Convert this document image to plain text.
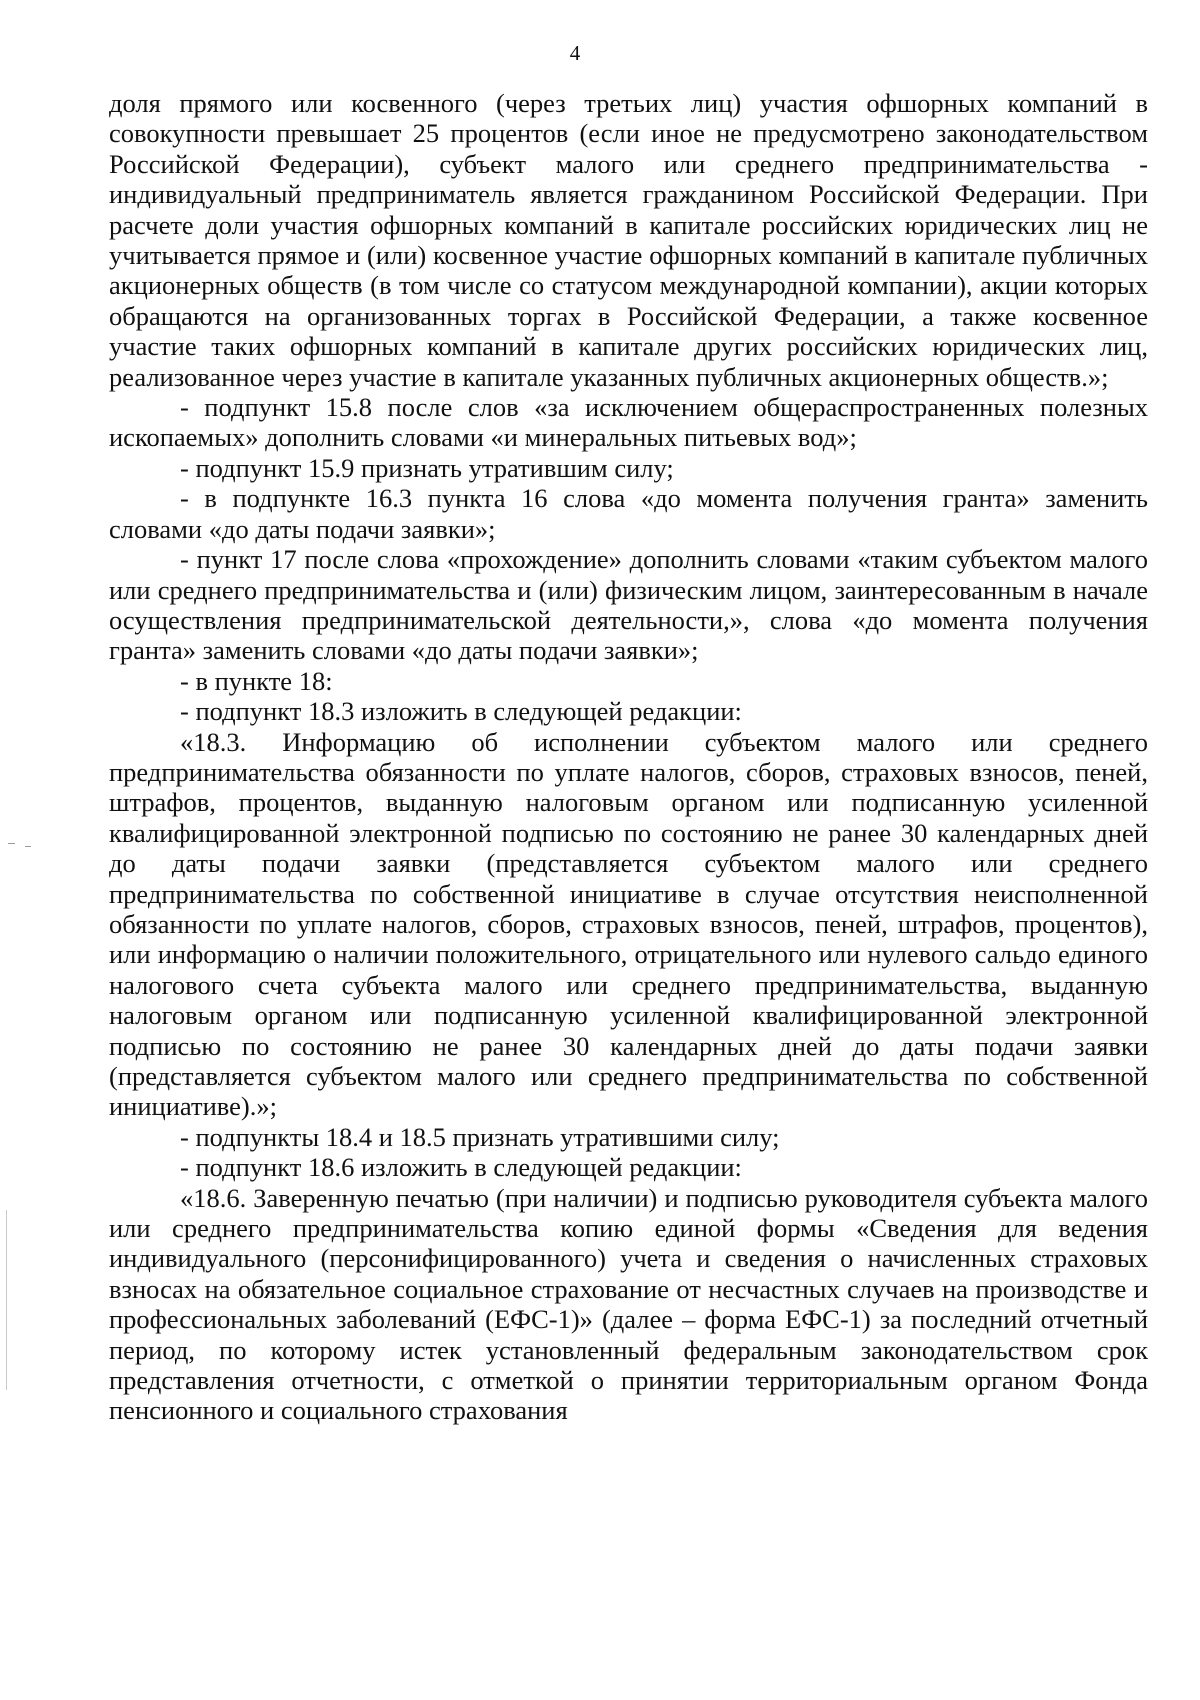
4

доля прямого или косвенного (через третьих лиц) участия офшорных компаний в совокупности превышает 25 процентов (если иное не предусмотрено законодательством Российской Федерации), субъект малого или среднего предпринимательства - индивидуальный предприниматель является гражданином Российской Федерации. При расчете доли участия офшорных компаний в капитале российских юридических лиц не учитывается прямое и (или) косвенное участие офшорных компаний в капитале публичных акционерных обществ (в том числе со статусом международной компании), акции которых обращаются на организованных торгах в Российской Федерации, а также косвенное участие таких офшорных компаний в капитале других российских юридических лиц, реализованное через участие в капитале указанных публичных акционерных обществ.»;

- подпункт 15.8 после слов «за исключением общераспространенных полезных ископаемых» дополнить словами «и минеральных питьевых вод»;

- подпункт 15.9 признать утратившим силу;

- в подпункте 16.3 пункта 16 слова «до момента получения гранта» заменить словами «до даты подачи заявки»;

- пункт 17 после слова «прохождение» дополнить словами «таким субъектом малого или среднего предпринимательства и (или) физическим лицом, заинтересованным в начале осуществления предпринимательской деятельности,», слова «до момента получения гранта» заменить словами «до даты подачи заявки»;

- в пункте 18:

- подпункт 18.3 изложить в следующей редакции:

«18.3. Информацию об исполнении субъектом малого или среднего предпринимательства обязанности по уплате налогов, сборов, страховых взносов, пеней, штрафов, процентов, выданную налоговым органом или подписанную усиленной квалифицированной электронной подписью по состоянию не ранее 30 календарных дней до даты подачи заявки (представляется субъектом малого или среднего предпринимательства по собственной инициативе в случае отсутствия неисполненной обязанности по уплате налогов, сборов, страховых взносов, пеней, штрафов, процентов), или информацию о наличии положительного, отрицательного или нулевого сальдо единого налогового счета субъекта малого или среднего предпринимательства, выданную налоговым органом или подписанную усиленной квалифицированной электронной подписью по состоянию не ранее 30 календарных дней до даты подачи заявки (представляется субъектом малого или среднего предпринимательства по собственной инициативе).»;

- подпункты 18.4 и 18.5 признать утратившими силу;

- подпункт 18.6 изложить в следующей редакции:

«18.6. Заверенную печатью (при наличии) и подписью руководителя субъекта малого или среднего предпринимательства копию единой формы «Сведения для ведения индивидуального (персонифицированного) учета и сведения о начисленных страховых взносах на обязательное социальное страхование от несчастных случаев на производстве и профессиональных заболеваний (ЕФС-1)» (далее – форма ЕФС-1) за последний отчетный период, по которому истек установленный федеральным законодательством срок представления отчетности, с отметкой о принятии территориальным органом Фонда пенсионного и социального страхования
